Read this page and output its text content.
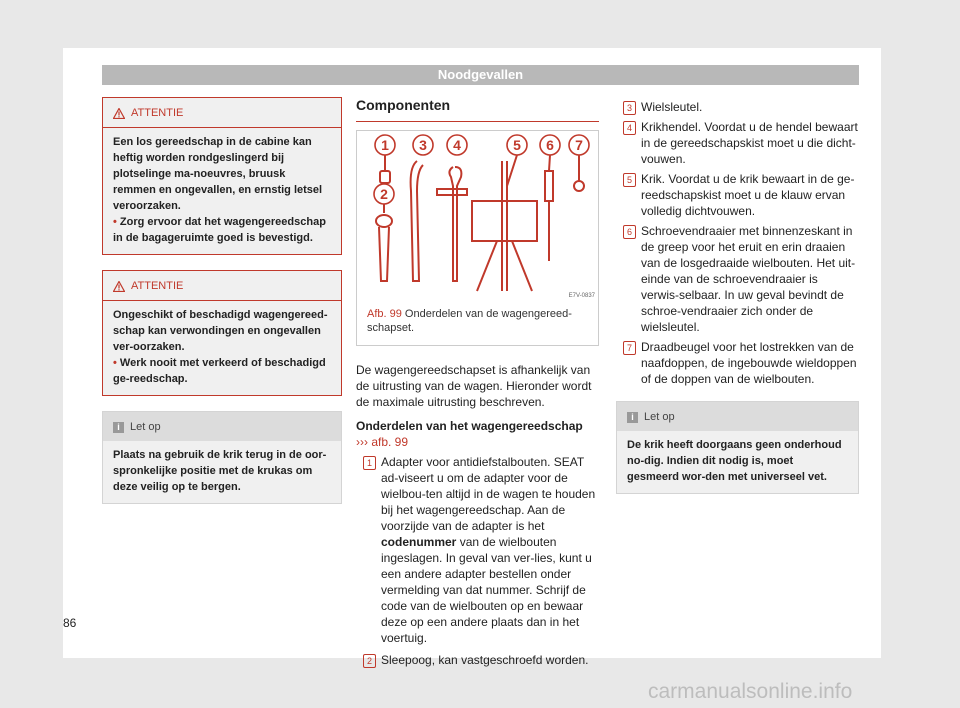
Noodgevallen
ATTENTIE
Een los gereedschap in de cabine kan heftig worden rondgeslingerd bij plotselinge ma-noeuvres, bruusk remmen en ongevallen, en ernstig letsel veroorzaken.
• Zorg ervoor dat het wagengereedschap in de bagageruimte goed is bevestigd.
ATTENTIE
Ongeschikt of beschadigd wagengereed-schap kan verwondingen en ongevallen ver-oorzaken.
• Werk nooit met verkeerd of beschadigd ge-reedschap.
i Let op
Plaats na gebruik de krik terug in de oor-spronkelijke positie met de krukas om deze veilig op te bergen.
Componenten
1 3 4	5 6 7
2
E7V-0837
Afb. 99 Onderdelen van de wagengereed-schapset.
De wagengereedschapset is afhankelijk van de uitrusting van de wagen. Hieronder wordt de maximale uitrusting beschreven.
Onderdelen van het wagengereedschap
››› afb. 99
1 Adapter voor antidiefstalbouten. SEAT ad-viseert u om de adapter voor de wielbou-ten altijd in de wagen te houden bij het wagengereedschap. Aan de voorzijde van de adapter is het codenummer van de wielbouten ingeslagen. In geval van ver-lies, kunt u een andere adapter bestellen onder vermelding van dat nummer. Schrijf de code van de wielbouten op en bewaar deze op een andere plaats dan in het voertuig.
2 Sleepoog, kan vastgeschroefd worden.
3 Wielsleutel.
4 Krikhendel. Voordat u de hendel bewaart in de gereedschapskist moet u die dicht-vouwen.
5 Krik. Voordat u de krik bewaart in de ge-reedschapskist moet u de klauw ervan volledig dichtvouwen.
6 Schroevendraaier met binnenzeskant in de greep voor het eruit en erin draaien van de losgedraaide wielbouten. Het uit-einde van de schroevendraaier is verwis-selbaar. In uw geval bevindt de schroe-vendraaier zich onder de wielsleutel.
7 Draadbeugel voor het lostrekken van de naafdoppen, de ingebouwde wieldoppen of de doppen van de wielbouten.
i Let op
De krik heeft doorgaans geen onderhoud no-dig. Indien dit nodig is, moet gesmeerd wor-den met universeel vet.
86
carmanualsonline.info
